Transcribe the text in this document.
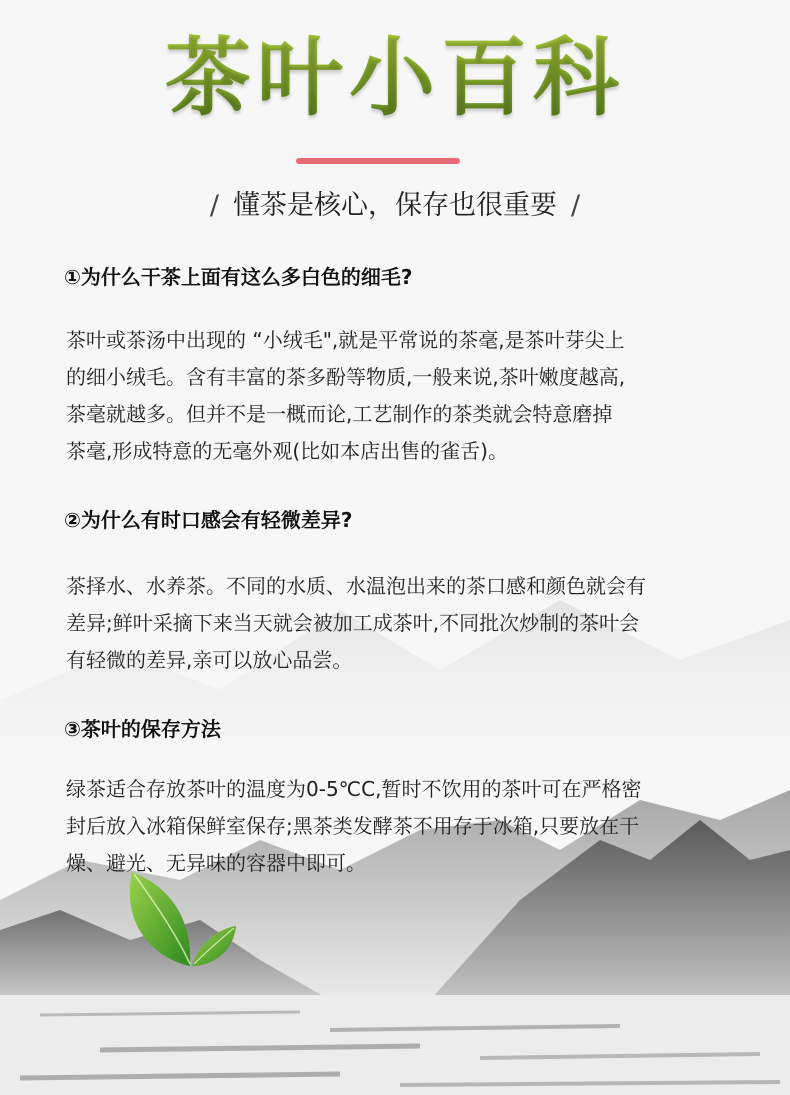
茶叶小百科
/ 懂茶是核心，保存也很重要 /
①为什么干茶上面有这么多白色的细毛?
茶叶或茶汤中出现的 “小绒毛",就是平常说的茶毫,是茶叶芽尖上
的细小绒毛。含有丰富的茶多酚等物质,一般来说,茶叶嫩度越高,
茶毫就越多。但并不是一概而论,工艺制作的茶类就会特意磨掉
茶毫,形成特意的无毫外观(比如本店出售的雀舌)。
②为什么有时口感会有轻微差异?
茶择水、水养茶。不同的水质、水温泡出来的茶口感和颜色就会有
差异;鲜叶采摘下来当天就会被加工成茶叶,不同批次炒制的茶叶会
有轻微的差异,亲可以放心品尝。
③茶叶的保存方法
绿茶适合存放茶叶的温度为0-5℃C,暂时不饮用的茶叶可在严格密
封后放入冰箱保鲜室保存;黑茶类发酵茶不用存于冰箱,只要放在干
燥、避光、无异味的容器中即可。
